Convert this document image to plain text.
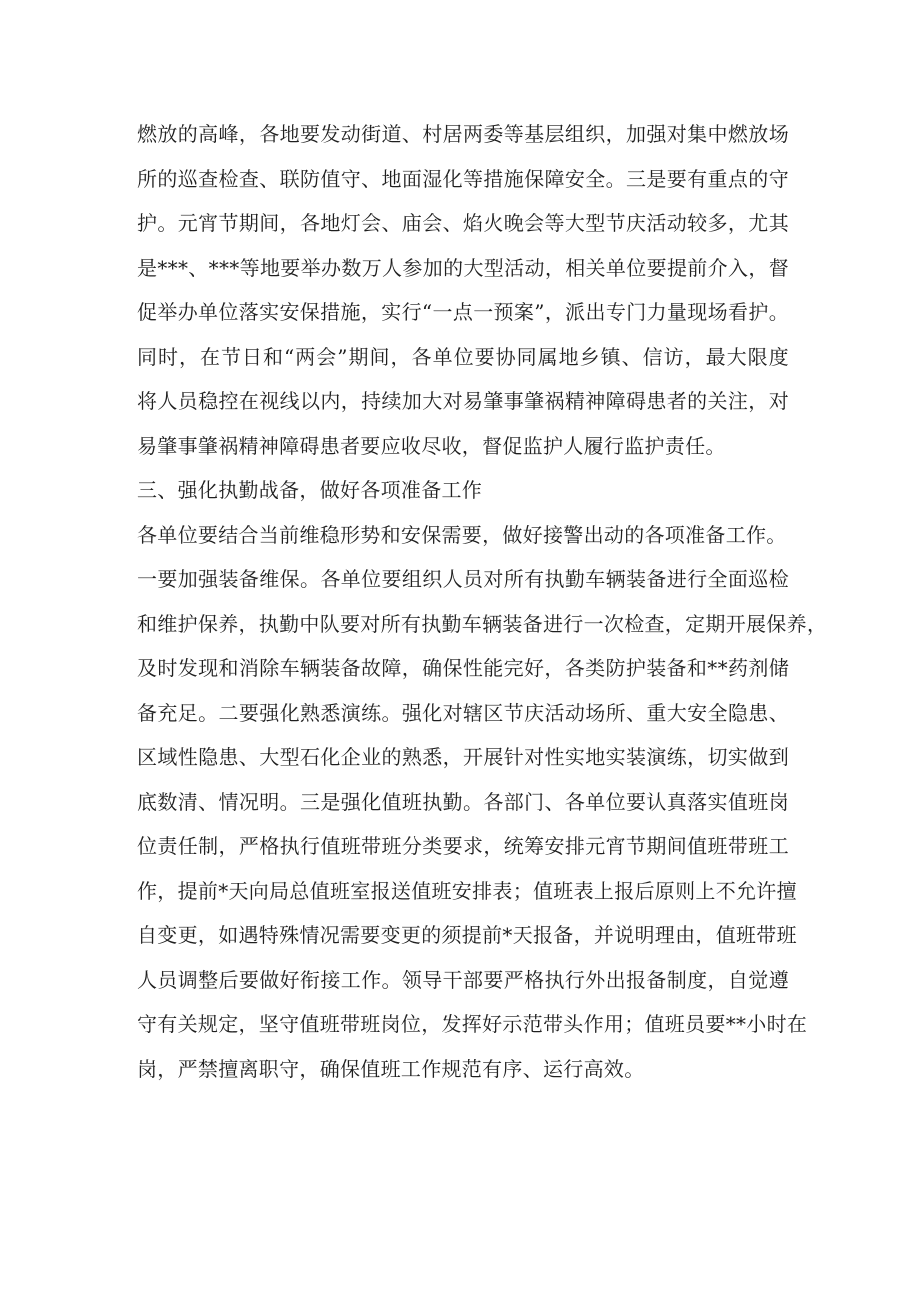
燃放的高峰，各地要发动街道、村居两委等基层组织，加强对集中燃放场
所的巡查检查、联防值守、地面湿化等措施保障安全。三是要有重点的守
护。元宵节期间，各地灯会、庙会、焰火晚会等大型节庆活动较多，尤其
是***、***等地要举办数万人参加的大型活动，相关单位要提前介入，督
促举办单位落实安保措施，实行“一点一预案”，派出专门力量现场看护。
同时，在节日和“两会”期间，各单位要协同属地乡镇、信访，最大限度
将人员稳控在视线以内，持续加大对易肇事肇祸精神障碍患者的关注，对
易肇事肇祸精神障碍患者要应收尽收，督促监护人履行监护责任。
三、强化执勤战备，做好各项准备工作
各单位要结合当前维稳形势和安保需要，做好接警出动的各项准备工作。
一要加强装备维保。各单位要组织人员对所有执勤车辆装备进行全面巡检
和维护保养，执勤中队要对所有执勤车辆装备进行一次检查，定期开展保养，
及时发现和消除车辆装备故障，确保性能完好，各类防护装备和**药剂储
备充足。二要强化熟悉演练。强化对辖区节庆活动场所、重大安全隐患、
区域性隐患、大型石化企业的熟悉，开展针对性实地实装演练，切实做到
底数清、情况明。三是强化值班执勤。各部门、各单位要认真落实值班岗
位责任制，严格执行值班带班分类要求，统筹安排元宵节期间值班带班工
作，提前*天向局总值班室报送值班安排表；值班表上报后原则上不允许擅
自变更，如遇特殊情况需要变更的须提前*天报备，并说明理由，值班带班
人员调整后要做好衔接工作。领导干部要严格执行外出报备制度，自觉遵
守有关规定，坚守值班带班岗位，发挥好示范带头作用；值班员要**小时在
岗，严禁擅离职守，确保值班工作规范有序、运行高效。
